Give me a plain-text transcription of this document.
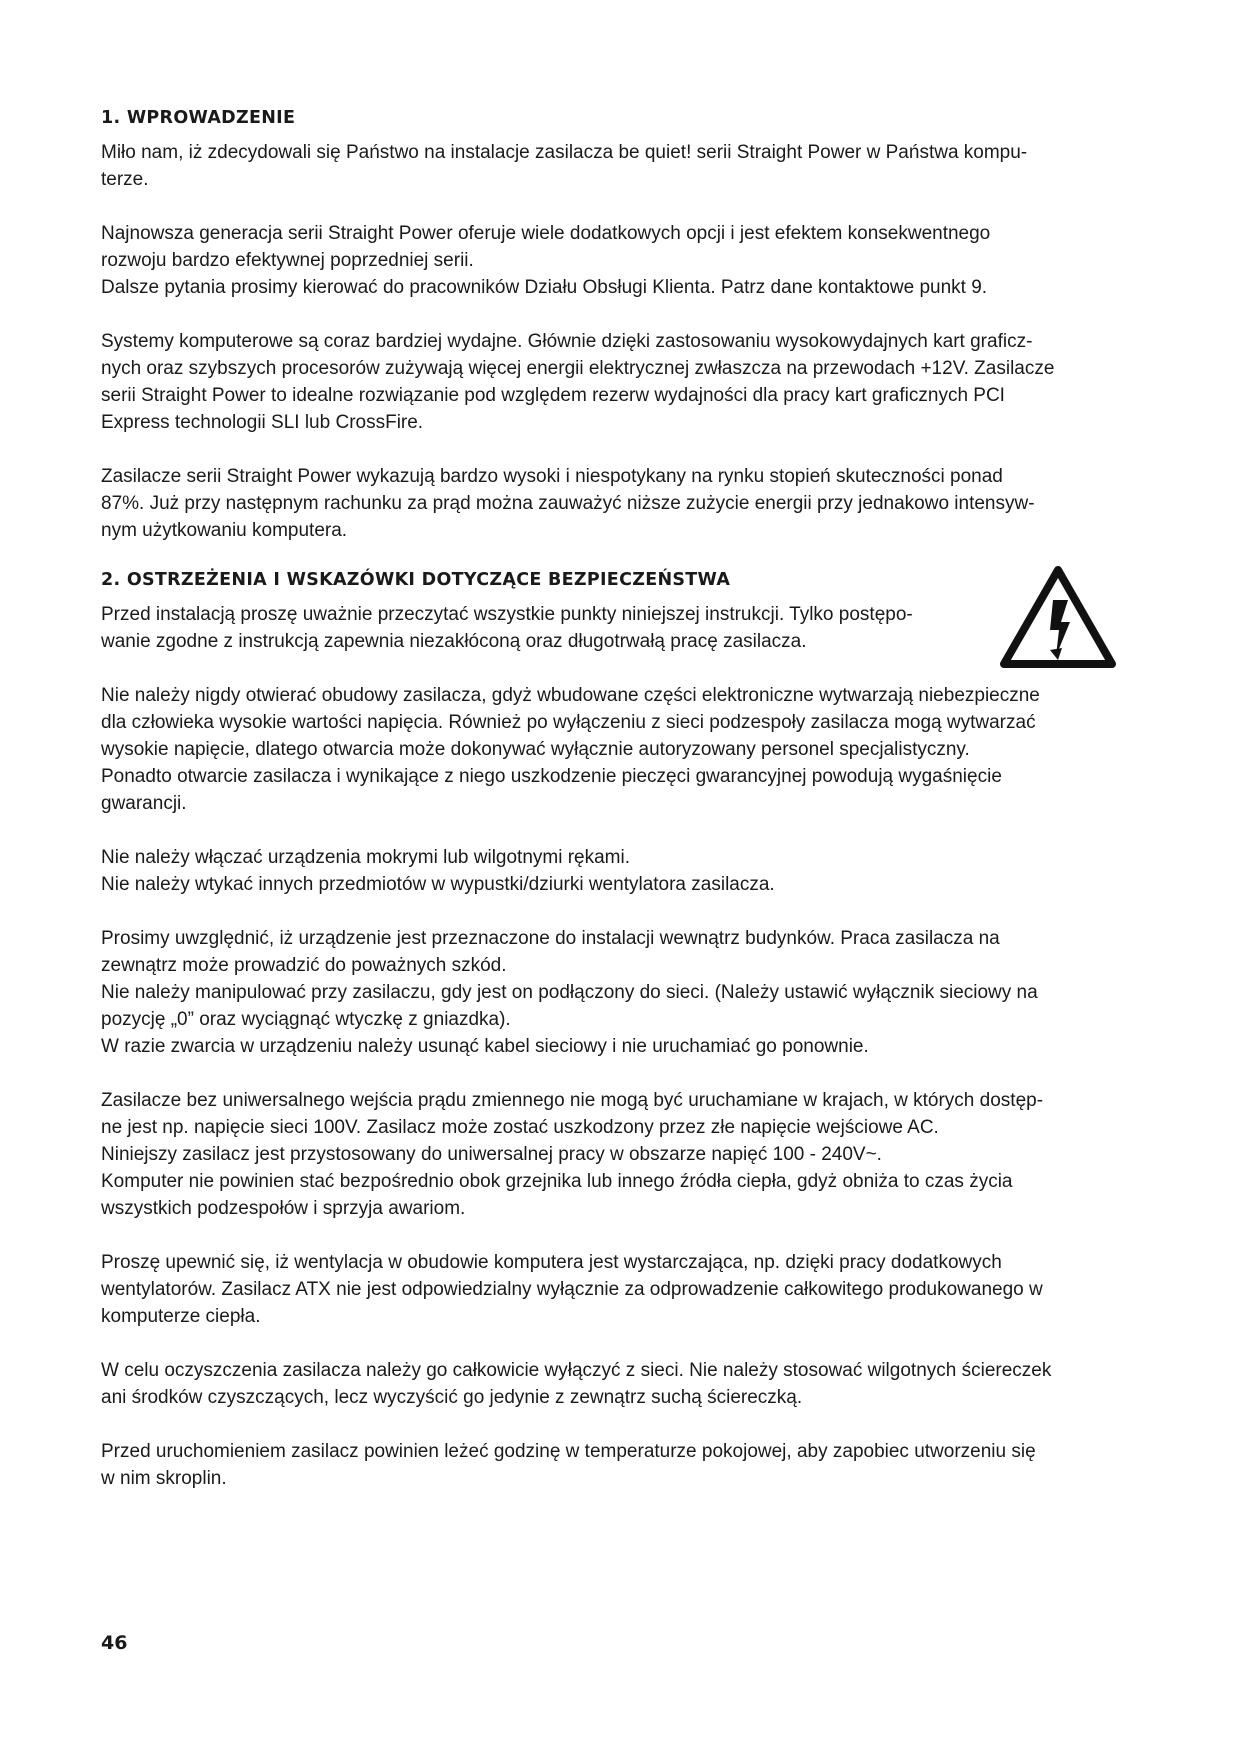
1. WPROWADZENIE

Miło nam, iż zdecydowali się Państwo na instalacje zasilacza be quiet! serii Straight Power w Państwa kompu-
terze.

Najnowsza generacja serii Straight Power oferuje wiele dodatkowych opcji i jest efektem konsekwentnego
rozwoju bardzo efektywnej poprzedniej serii.
Dalsze pytania prosimy kierować do pracowników Działu Obsługi Klienta. Patrz dane kontaktowe punkt 9.

Systemy komputerowe są coraz bardziej wydajne. Głównie dzięki zastosowaniu wysokowydajnych kart graficz-
nych oraz szybszych procesorów zużywają więcej energii elektrycznej zwłaszcza na przewodach +12V. Zasilacze
serii Straight Power to idealne rozwiązanie pod względem rezerw wydajności dla pracy kart graficznych PCI
Express technologii SLI lub CrossFire.

Zasilacze serii Straight Power wykazują bardzo wysoki i niespotykany na rynku stopień skuteczności ponad
87%. Już przy następnym rachunku za prąd można zauważyć niższe zużycie energii przy jednakowo intensyw-
nym użytkowaniu komputera.

2. OSTRZEŻENIA I WSKAZÓWKI DOTYCZĄCE BEZPIECZEŃSTWA

Przed instalacją proszę uważnie przeczytać wszystkie punkty niniejszej instrukcji. Tylko postępo-
wanie zgodne z instrukcją zapewnia niezakłóconą oraz długotrwałą pracę zasilacza.

Nie należy nigdy otwierać obudowy zasilacza, gdyż wbudowane części elektroniczne wytwarzają niebezpieczne
dla człowieka wysokie wartości napięcia. Również po wyłączeniu z sieci podzespoły zasilacza mogą wytwarzać
wysokie napięcie, dlatego otwarcia może dokonywać wyłącznie autoryzowany personel specjalistyczny.
Ponadto otwarcie zasilacza i wynikające z niego uszkodzenie pieczęci gwarancyjnej powodują wygaśnięcie
gwarancji.

Nie należy włączać urządzenia mokrymi lub wilgotnymi rękami.
Nie należy wtykać innych przedmiotów w wypustki/dziurki wentylatora zasilacza.

Prosimy uwzględnić, iż urządzenie jest przeznaczone do instalacji wewnątrz budynków. Praca zasilacza na
zewnątrz może prowadzić do poważnych szkód.
Nie należy manipulować przy zasilaczu, gdy jest on podłączony do sieci. (Należy ustawić wyłącznik sieciowy na
pozycję „0” oraz wyciągnąć wtyczkę z gniazdka).
W razie zwarcia w urządzeniu należy usunąć kabel sieciowy i nie uruchamiać go ponownie.

Zasilacze bez uniwersalnego wejścia prądu zmiennego nie mogą być uruchamiane w krajach, w których dostęp-
ne jest np. napięcie sieci 100V. Zasilacz może zostać uszkodzony przez złe napięcie wejściowe AC.
Niniejszy zasilacz jest przystosowany do uniwersalnej pracy w obszarze napięć 100 - 240V~.
Komputer nie powinien stać bezpośrednio obok grzejnika lub innego źródła ciepła, gdyż obniża to czas życia
wszystkich podzespołów i sprzyja awariom.

Proszę upewnić się, iż wentylacja w obudowie komputera jest wystarczająca, np. dzięki pracy dodatkowych
wentylatorów. Zasilacz ATX nie jest odpowiedzialny wyłącznie za odprowadzenie całkowitego produkowanego w
komputerze ciepła.

W celu oczyszczenia zasilacza należy go całkowicie wyłączyć z sieci. Nie należy stosować wilgotnych ściereczek
ani środków czyszczących, lecz wyczyścić go jedynie z zewnątrz suchą ściereczką.

Przed uruchomieniem zasilacz powinien leżeć godzinę w temperaturze pokojowej, aby zapobiec utworzeniu się
w nim skroplin.

46
